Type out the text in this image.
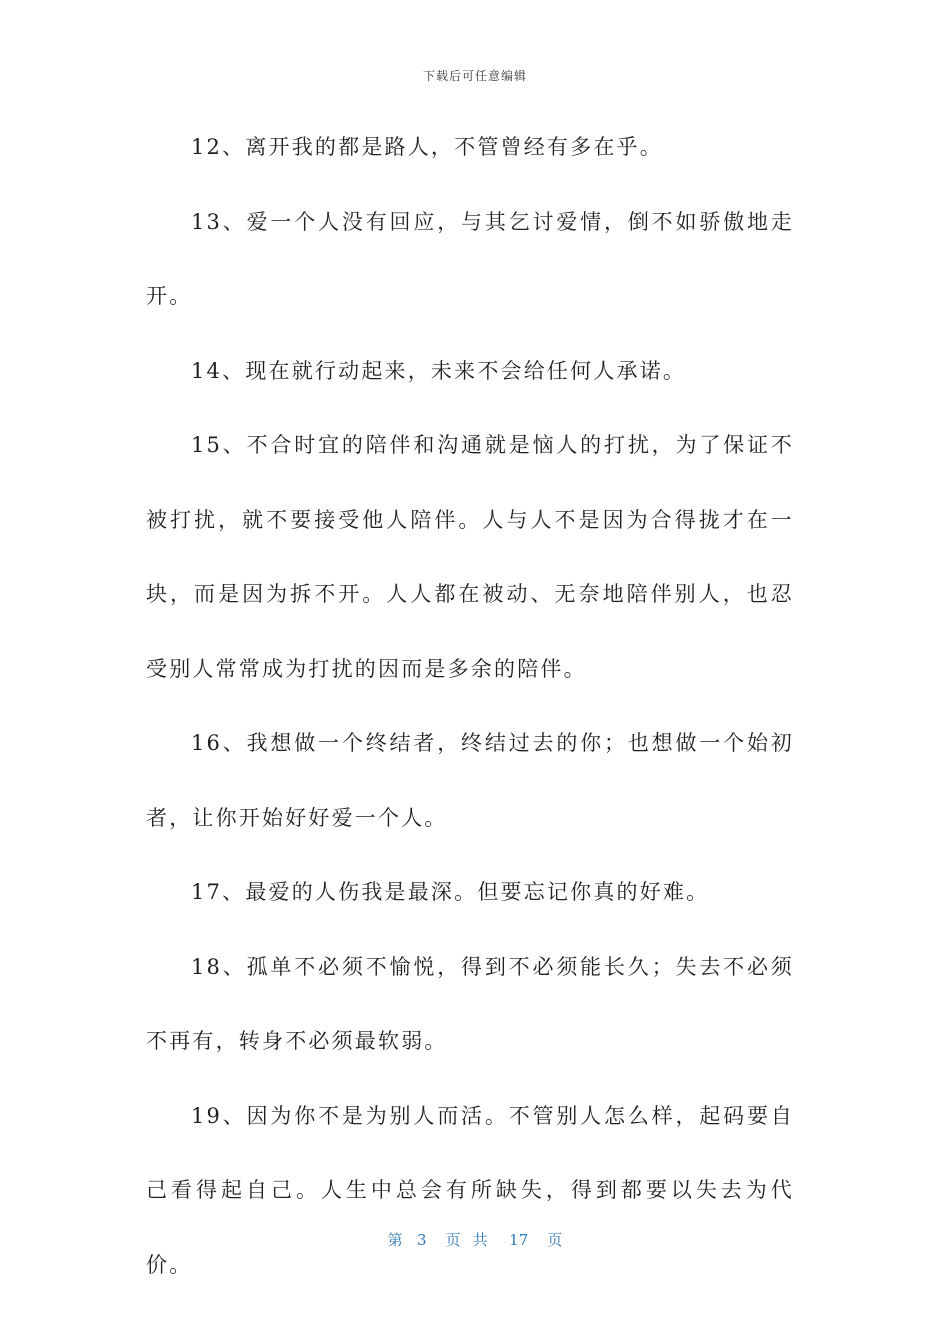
下载后可任意编辑

12、离开我的都是路人，不管曾经有多在乎。

13、爱一个人没有回应，与其乞讨爱情，倒不如骄傲地走开。

14、现在就行动起来，未来不会给任何人承诺。

15、不合时宜的陪伴和沟通就是恼人的打扰，为了保证不被打扰，就不要接受他人陪伴。人与人不是因为合得拢才在一块，而是因为拆不开。人人都在被动、无奈地陪伴别人，也忍受别人常常成为打扰的因而是多余的陪伴。

16、我想做一个终结者，终结过去的你；也想做一个始初者，让你开始好好爱一个人。

17、最爱的人伤我是最深。但要忘记你真的好难。

18、孤单不必须不愉悦，得到不必须能长久；失去不必须不再有，转身不必须最软弱。

19、因为你不是为别人而活。不管别人怎么样，起码要自己看得起自己。人生中总会有所缺失，得到都要以失去为代价。

第 3 页共 17 页
